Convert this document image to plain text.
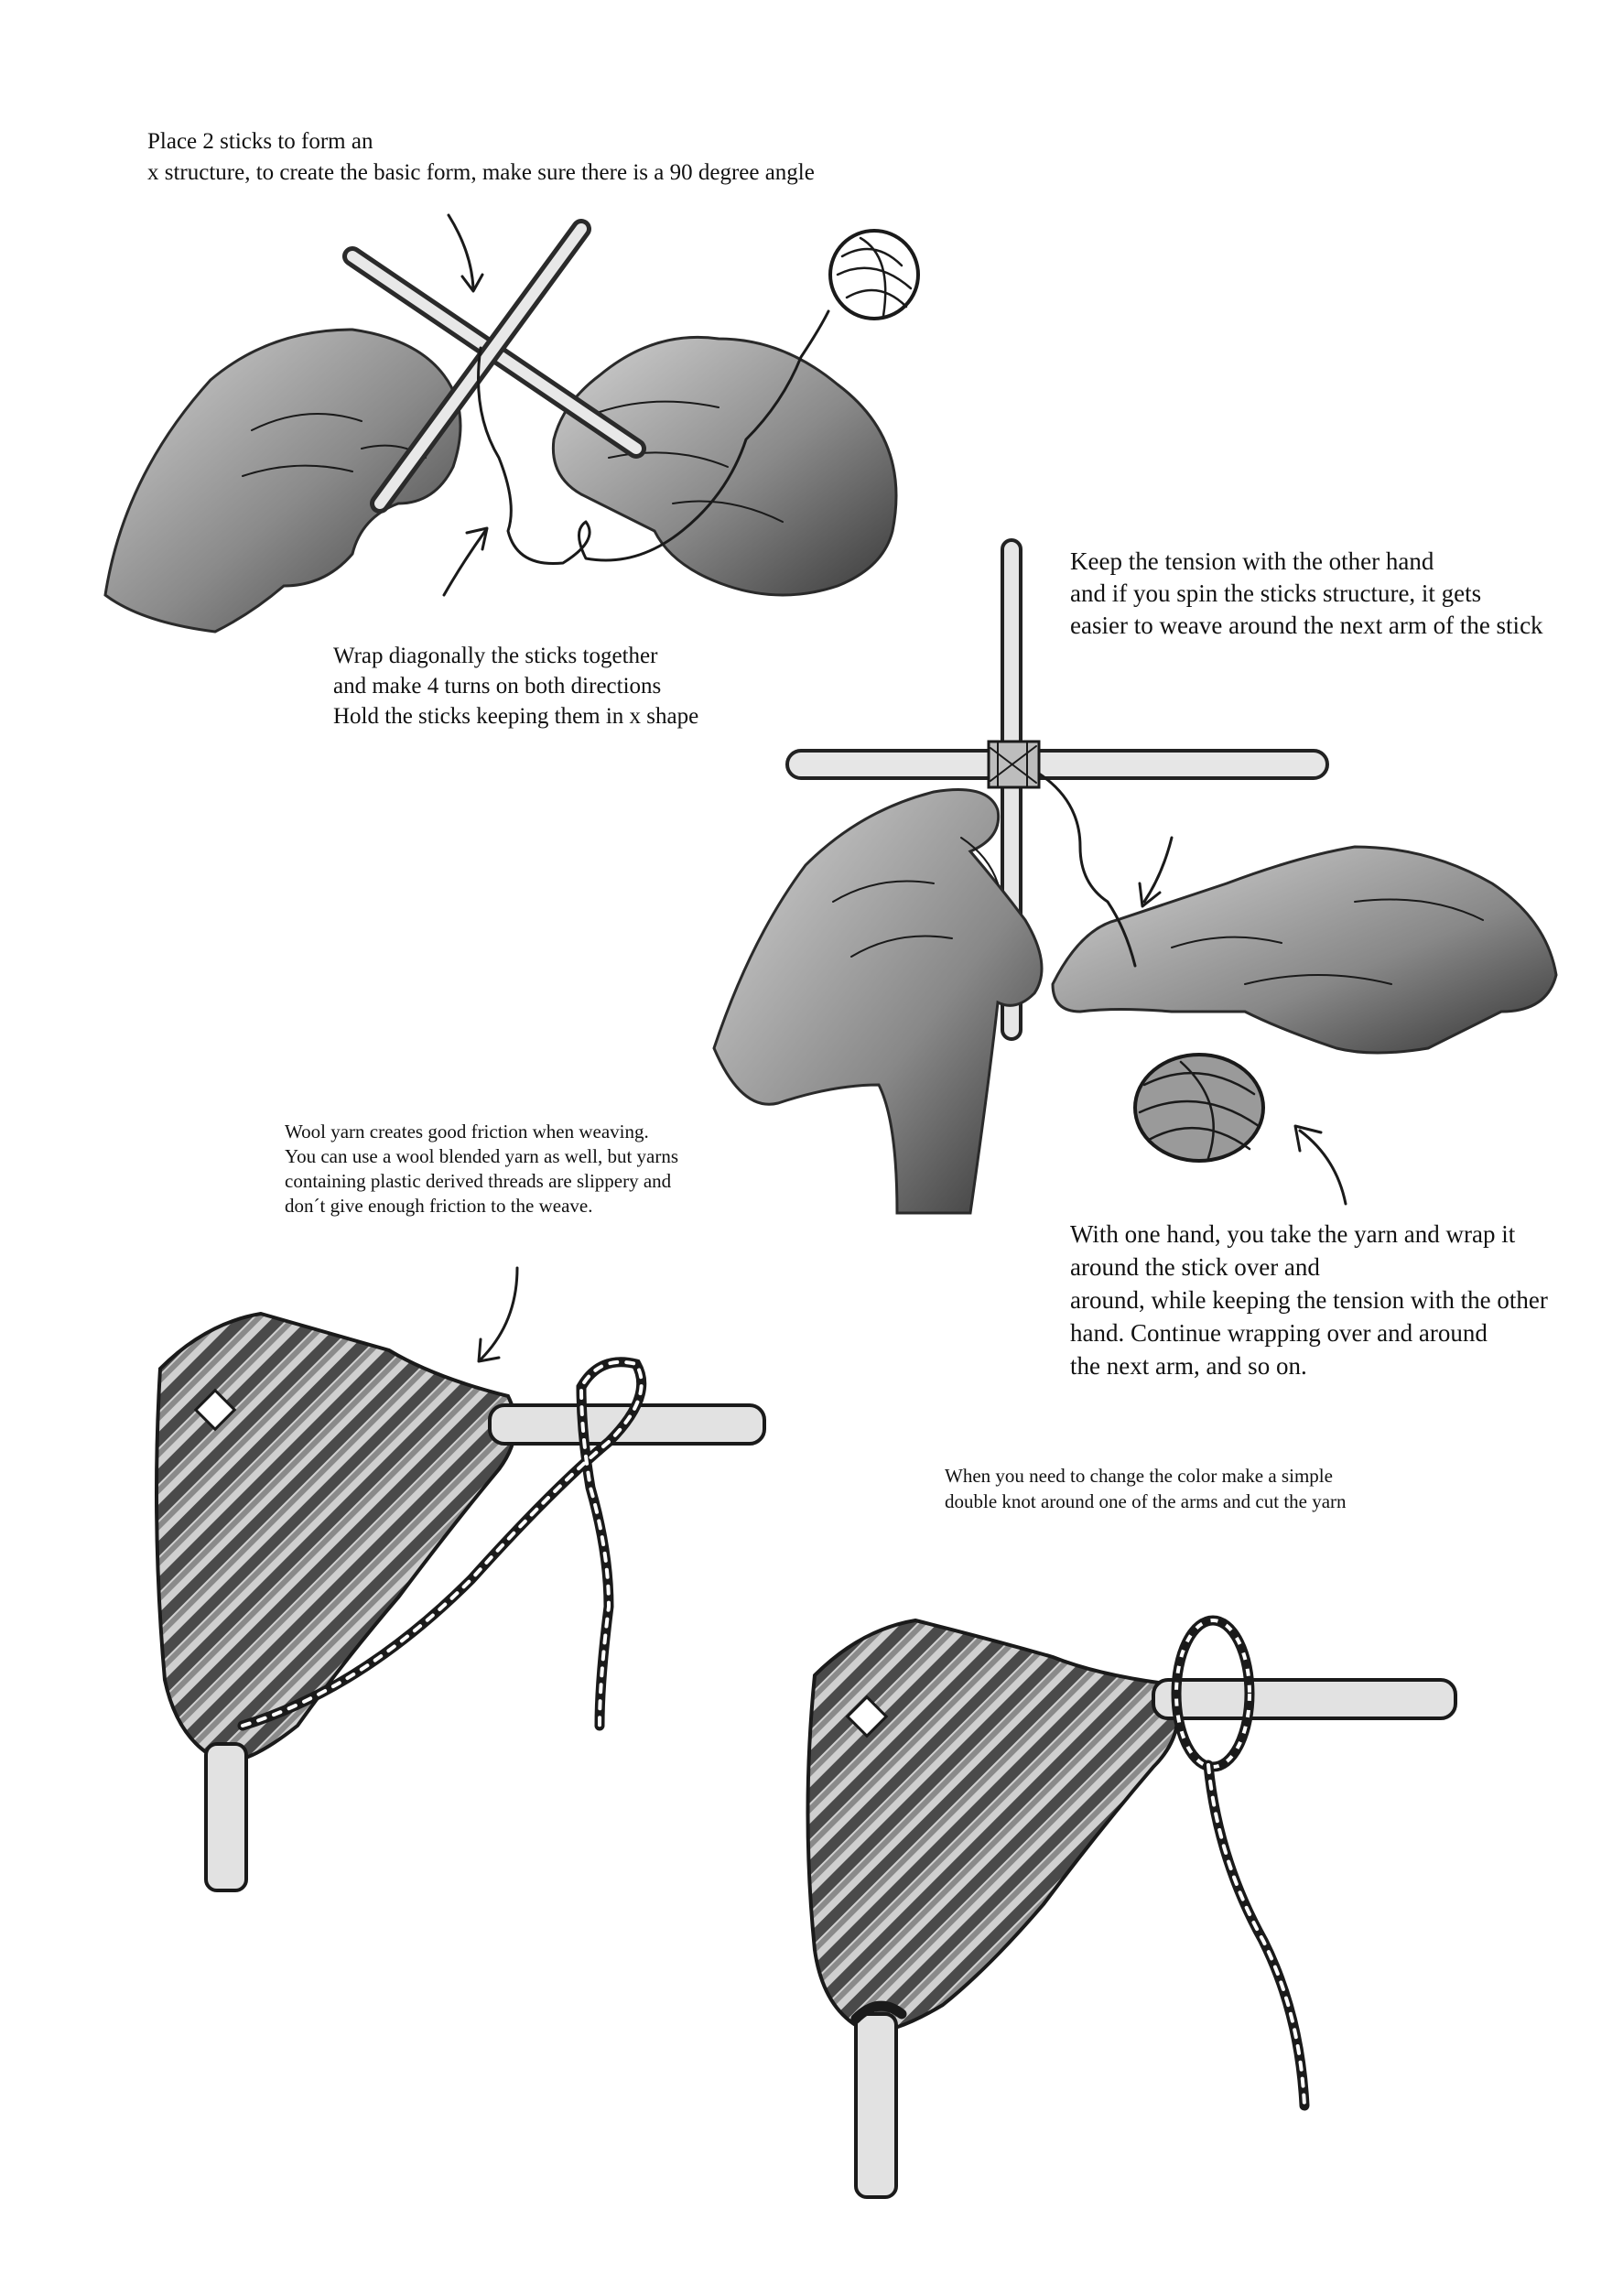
Place 2 sticks to form an
x structure, to create the basic form, make sure there is a 90 degree angle
Wrap diagonally the sticks together
and make 4 turns on both directions
Hold the sticks keeping them in x shape
Keep the tension with the other hand
and if you spin the sticks structure, it gets
easier to weave around the next arm of the stick
Wool yarn creates good friction when weaving.
You can use a wool blended yarn as well, but yarns
containing plastic derived threads are slippery and
don´t give enough friction to the weave.
With one hand, you take the yarn and wrap it
around the stick over and
around, while keeping the tension with the other
hand. Continue wrapping over and around
the next arm, and so on.
When you need to change the color make a simple
double knot around one of the arms and cut the yarn
